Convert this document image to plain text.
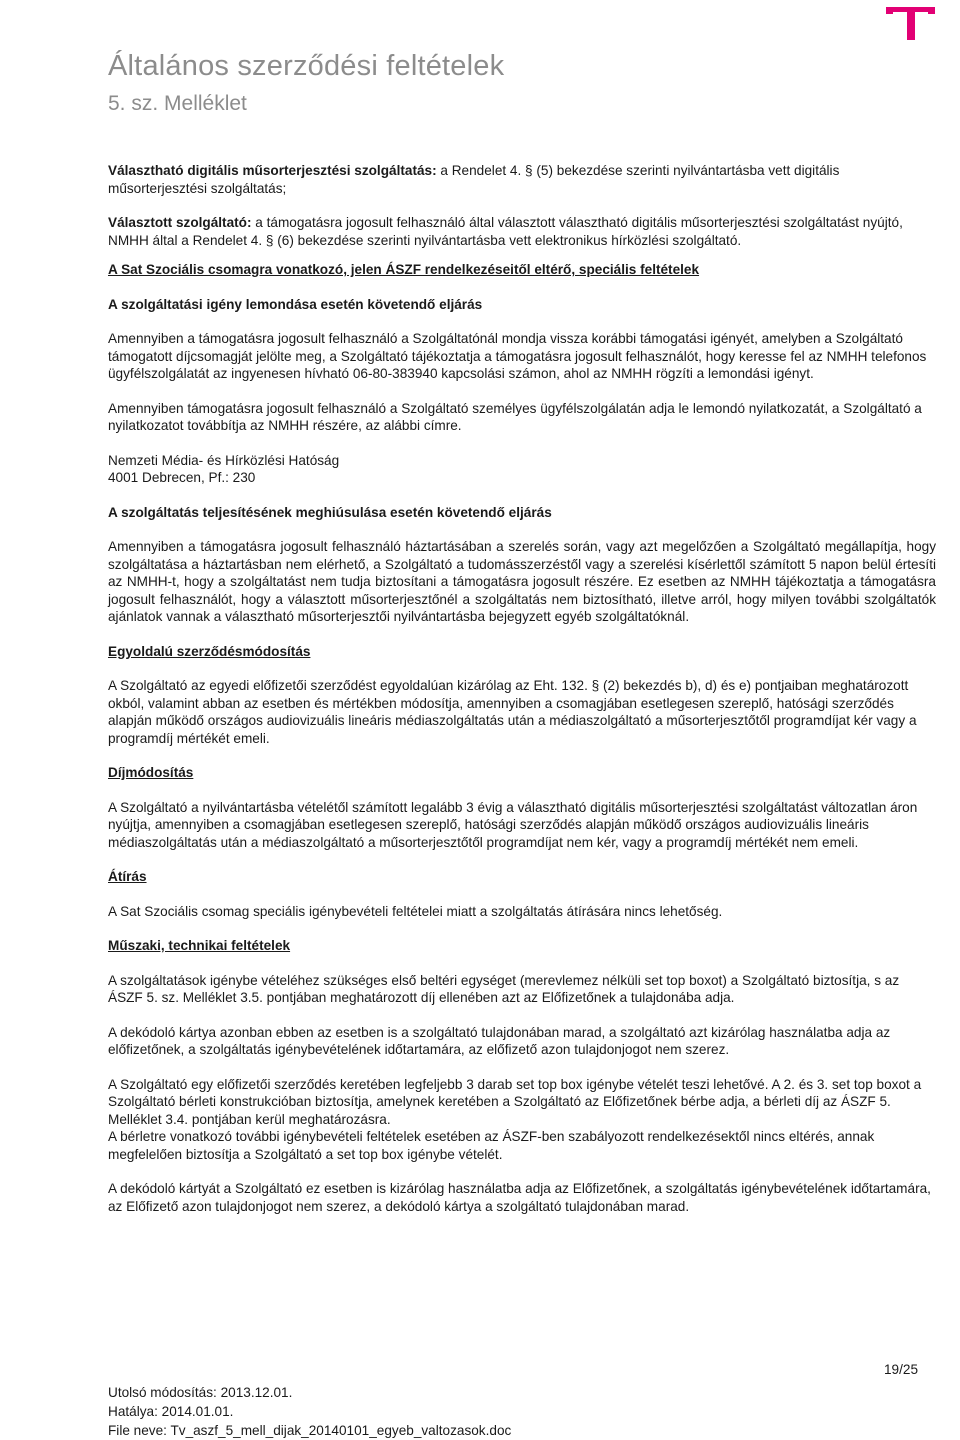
Általános szerződési feltételek
5. sz. Melléklet

Választható digitális műsorterjesztési szolgáltatás: a Rendelet 4. § (5) bekezdése szerinti nyilvántartásba vett digitális műsorterjesztési szolgáltatás;

Választott szolgáltató: a támogatásra jogosult felhasználó által választott választható digitális műsorterjesztési szolgáltatást nyújtó, NMHH által a Rendelet 4. § (6) bekezdése szerinti nyilvántartásba vett elektronikus hírközlési szolgáltató.

A Sat Szociális csomagra vonatkozó, jelen ÁSZF rendelkezéseitől eltérő, speciális feltételek

A szolgáltatási igény lemondása esetén követendő eljárás

Amennyiben a támogatásra jogosult felhasználó a Szolgáltatónál mondja vissza korábbi támogatási igényét, amelyben a Szolgáltató támogatott díjcsomagját jelölte meg, a Szolgáltató tájékoztatja a támogatásra jogosult felhasználót, hogy keresse fel az NMHH telefonos ügyfélszolgálatát az ingyenesen hívható 06-80-383940 kapcsolási számon, ahol az NMHH rögzíti a lemondási igényt.

Amennyiben támogatásra jogosult felhasználó a Szolgáltató személyes ügyfélszolgálatán adja le lemondó nyilatkozatát, a Szolgáltató a nyilatkozatot továbbítja az NMHH részére, az alábbi címre.

Nemzeti Média- és Hírközlési Hatóság

4001 Debrecen, Pf.: 230

A szolgáltatás teljesítésének meghiúsulása esetén követendő eljárás

Amennyiben a támogatásra jogosult felhasználó háztartásában a szerelés során, vagy azt megelőzően a Szolgáltató megállapítja, hogy szolgáltatása a háztartásban nem elérhető, a Szolgáltató a tudomásszerzéstől vagy a szerelési kísérlettől számított 5 napon belül értesíti az NMHH-t, hogy a szolgáltatást nem tudja biztosítani a támogatásra jogosult részére. Ez esetben az NMHH tájékoztatja a támogatásra jogosult felhasználót, hogy a választott műsorterjesztőnél a szolgáltatás nem biztosítható, illetve arról, hogy milyen további szolgáltatók ajánlatok vannak a választható műsorterjesztői nyilvántartásba bejegyzett egyéb szolgáltatóknál.

Egyoldalú szerződésmódosítás

A Szolgáltató az egyedi előfizetői szerződést egyoldalúan kizárólag az Eht. 132. § (2) bekezdés b), d) és e) pontjaiban meghatározott okból, valamint abban az esetben és mértékben módosítja, amennyiben a csomagjában esetlegesen szereplő, hatósági szerződés alapján működő országos audiovizuális lineáris médiaszolgáltatás után a médiaszolgáltató a műsorterjesztőtől programdíjat kér vagy a programdíj mértékét emeli.

Díjmódosítás

A Szolgáltató a nyilvántartásba vételétől számított legalább 3 évig a választható digitális műsorterjesztési szolgáltatást változatlan áron nyújtja, amennyiben a csomagjában esetlegesen szereplő, hatósági szerződés alapján működő országos audiovizuális lineáris médiaszolgáltatás után a médiaszolgáltató a műsorterjesztőtől programdíjat nem kér, vagy a programdíj mértékét nem emeli.

Átírás

A Sat Szociális csomag speciális igénybevételi feltételei miatt a szolgáltatás átírására nincs lehetőség.

Műszaki, technikai feltételek

A szolgáltatások igénybe vételéhez szükséges első beltéri egységet (merevlemez nélküli set top boxot) a Szolgáltató biztosítja, s az ÁSZF 5. sz. Melléklet 3.5. pontjában meghatározott díj ellenében azt az Előfizetőnek a tulajdonába adja.

A dekódoló kártya azonban ebben az esetben is a szolgáltató tulajdonában marad, a szolgáltató azt kizárólag használatba adja az előfizetőnek, a szolgáltatás igénybevételének időtartamára, az előfizető azon tulajdonjogot nem szerez.

A Szolgáltató egy előfizetői szerződés keretében legfeljebb 3 darab set top box igénybe vételét teszi lehetővé. A 2. és 3. set top boxot a Szolgáltató bérleti konstrukcióban biztosítja, amelynek keretében a Szolgáltató az Előfizetőnek bérbe adja, a bérleti díj az ÁSZF 5. Melléklet 3.4. pontjában kerül meghatározásra.

A bérletre vonatkozó további igénybevételi feltételek esetében az ÁSZF-ben szabályozott rendelkezésektől nincs eltérés, annak megfelelően biztosítja a Szolgáltató a set top box igénybe vételét.

A dekódoló kártyát a Szolgáltató ez esetben is kizárólag használatba adja az Előfizetőnek, a szolgáltatás igénybevételének időtartamára, az Előfizető azon tulajdonjogot nem szerez, a dekódoló kártya a szolgáltató tulajdonában marad.

19/25
Utolsó módosítás: 2013.12.01.
Hatálya: 2014.01.01.
File neve: Tv_aszf_5_mell_dijak_20140101_egyeb_valtozasok.doc
